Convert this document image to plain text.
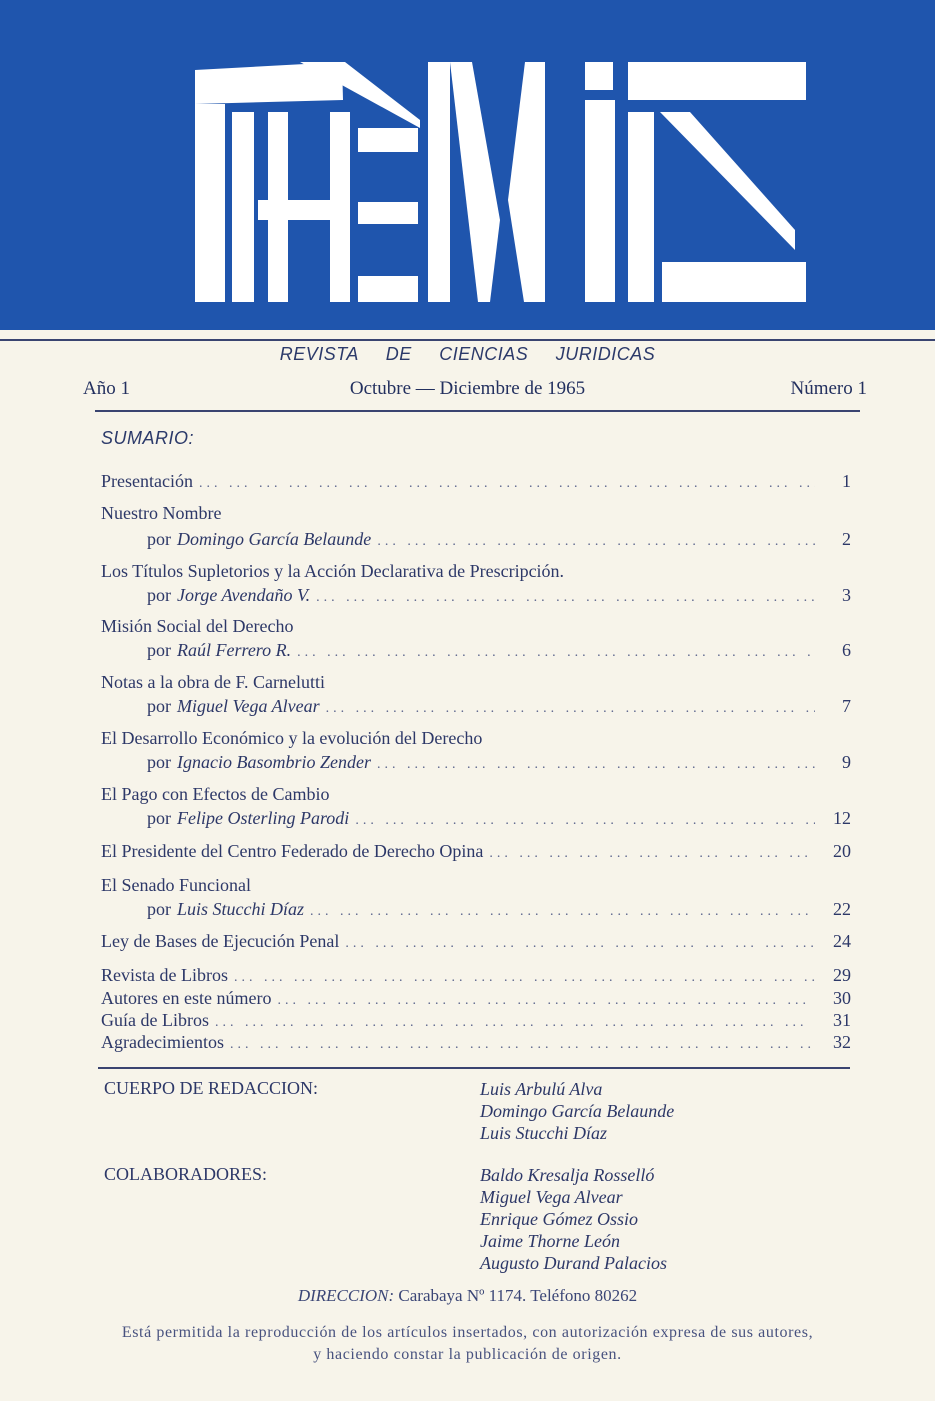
REVISTA DE CIENCIAS JURIDICAS
Año 1	Octubre — Diciembre de 1965	Número 1
SUMARIO:
Presentación ... .	1
Nuestro Nombre
por Domingo García Belaunde ... .	2
Los Títulos Supletorios y la Acción Declarativa de Prescripción.
por Jorge Avendaño V. ... .	3
Misión Social del Derecho
por Raúl Ferrero R. ... .	6
Notas a la obra de F. Carnelutti
por Miguel Vega Alvear ... .	7
El Desarrollo Económico y la evolución del Derecho
por Ignacio Basombrio Zender ... .	9
El Pago con Efectos de Cambio
por Felipe Osterling Parodi ... .	12
El Presidente del Centro Federado de Derecho Opina ... .	20
El Senado Funcional
por Luis Stucchi Díaz ... .	22
Ley de Bases de Ejecución Penal ... .	24
Revista de Libros ... .	29
Autores en este número ... .	30
Guía de Libros ... .	31
Agradecimientos ... .	32
CUERPO DE REDACCION:	Luis Arbulú Alva
Domingo García Belaunde
Luis Stucchi Díaz
COLABORADORES:	Baldo Kresalja Rosselló
Miguel Vega Alvear
Enrique Gómez Ossio
Jaime Thorne León
Augusto Durand Palacios
DIRECCION: Carabaya Nº 1174. Teléfono 80262
Está permitida la reproducción de los artículos insertados, con autorización expresa de sus autores, y haciendo constar la publicación de origen.
